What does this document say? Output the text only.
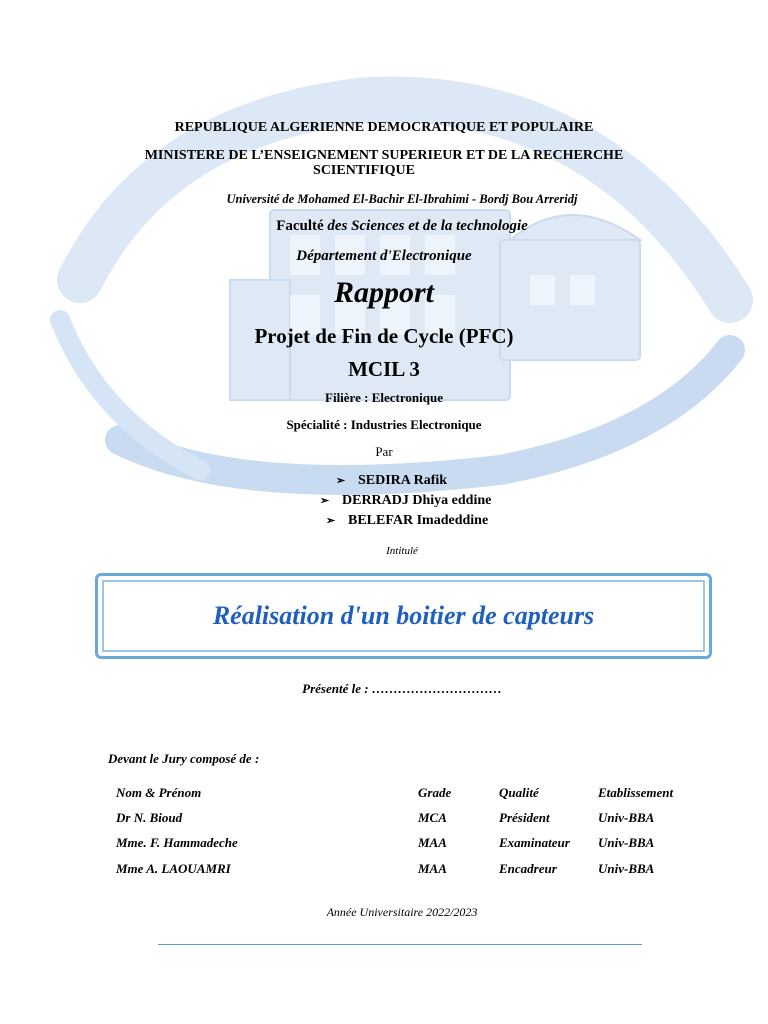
REPUBLIQUE ALGERIENNE DEMOCRATIQUE ET POPULAIRE
MINISTERE DE L’ENSEIGNEMENT SUPERIEUR ET DE LA RECHERCHE
SCIENTIFIQUE
Université de Mohamed El-Bachir El-Ibrahimi - Bordj Bou Arreridj
Faculté des Sciences et de la technologie
Département d'Electronique
Rapport
Projet de Fin de Cycle (PFC)
MCIL 3
Filière : Electronique
Spécialité : Industries Electronique
Par
➢ SEDIRA Rafik
➢ DERRADJ Dhiya eddine
➢ BELEFAR Imadeddine
Intitulé
Réalisation d'un boitier de capteurs
Présenté le : …………………………
Devant le Jury composé de :
Nom & Prénom	Grade	Qualité	Etablissement
Dr N. Bioud	MCA	Président	Univ-BBA
Mme. F. Hammadeche	MAA	Examinateur Univ-BBA
Mme A. LAOUAMRI	MAA	Encadreur	Univ-BBA
Année Universitaire 2022/2023
